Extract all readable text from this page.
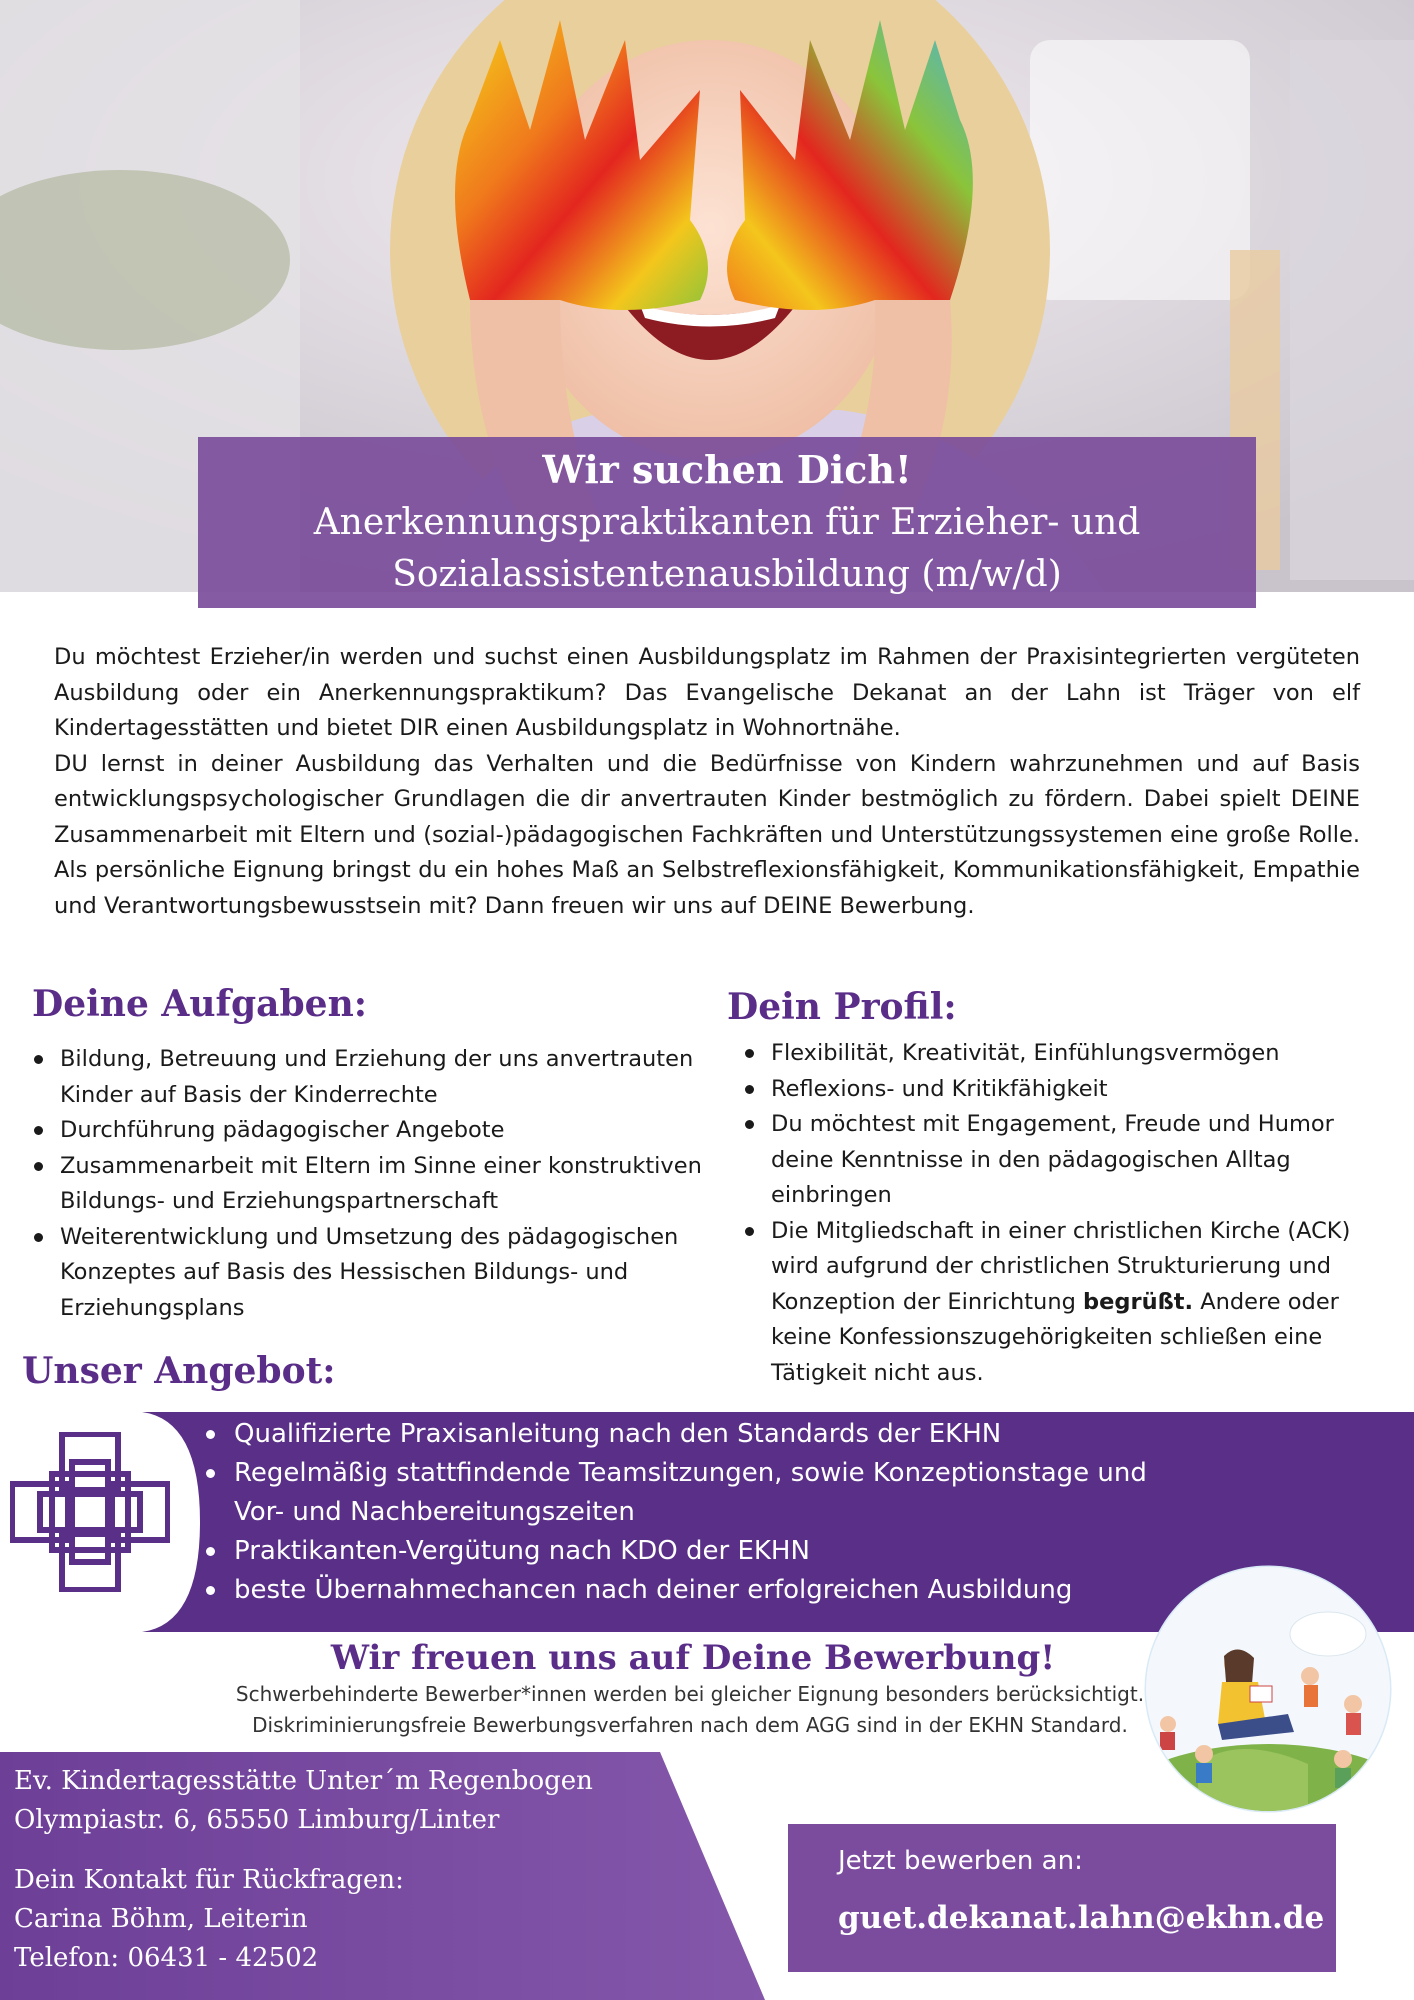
Wir suchen Dich!
Anerkennungspraktikanten für Erzieher- und
Sozialassistentenausbildung (m/w/d)

Du möchtest Erzieher/in werden und suchst einen Ausbildungsplatz im Rahmen der Praxisintegrierten vergüteten Ausbildung oder ein Anerkennungspraktikum? Das Evangelische Dekanat an der Lahn ist Träger von elf Kindertagesstätten und bietet DIR einen Ausbildungsplatz in Wohnortnähe.

DU lernst in deiner Ausbildung das Verhalten und die Bedürfnisse von Kindern wahrzunehmen und auf Basis entwicklungspsychologischer Grundlagen die dir anvertrauten Kinder bestmöglich zu fördern. Dabei spielt DEINE Zusammenarbeit mit Eltern und (sozial-)pädagogischen Fachkräften und Unterstützungssystemen eine große Rolle. Als persönliche Eignung bringst du ein hohes Maß an Selbstreflexionsfähigkeit, Kommunikationsfähigkeit, Empathie und Verantwortungsbewusstsein mit? Dann freuen wir uns auf DEINE Bewerbung.

Deine Aufgaben:
Bildung, Betreuung und Erziehung der uns anvertrauten Kinder auf Basis der Kinderrechte
Durchführung pädagogischer Angebote
Zusammenarbeit mit Eltern im Sinne einer konstruktiven Bildungs- und Erziehungspartnerschaft
Weiterentwicklung und Umsetzung des pädagogischen Konzeptes auf Basis des Hessischen Bildungs- und Erziehungsplans
Dein Profil:
Flexibilität, Kreativität, Einfühlungsvermögen
Reflexions- und Kritikfähigkeit
Du möchtest mit Engagement, Freude und Humor deine Kenntnisse in den pädagogischen Alltag einbringen
Die Mitgliedschaft in einer christlichen Kirche (ACK) wird aufgrund der christlichen Strukturierung und Konzeption der Einrichtung begrüßt. Andere oder keine Konfessionszugehörigkeiten schließen eine Tätigkeit nicht aus.
Unser Angebot:
Qualifizierte Praxisanleitung nach den Standards der EKHN
Regelmäßig stattfindende Teamsitzungen, sowie Konzeptionstage und Vor- und Nachbereitungszeiten
Praktikanten-Vergütung nach KDO der EKHN
beste Übernahmechancen nach deiner erfolgreichen Ausbildung
Wir freuen uns auf Deine Bewerbung!
Schwerbehinderte Bewerber*innen werden bei gleicher Eignung besonders berücksichtigt.
Diskriminierungsfreie Bewerbungsverfahren nach dem AGG sind in der EKHN Standard.
Ev. Kindertagesstätte Unter´m Regenbogen
Olympiastr. 6, 65550 Limburg/Linter
Dein Kontakt für Rückfragen:
Carina Böhm, Leiterin
Telefon: 06431 - 42502
Jetzt bewerben an:
guet.dekanat.lahn@ekhn.de
